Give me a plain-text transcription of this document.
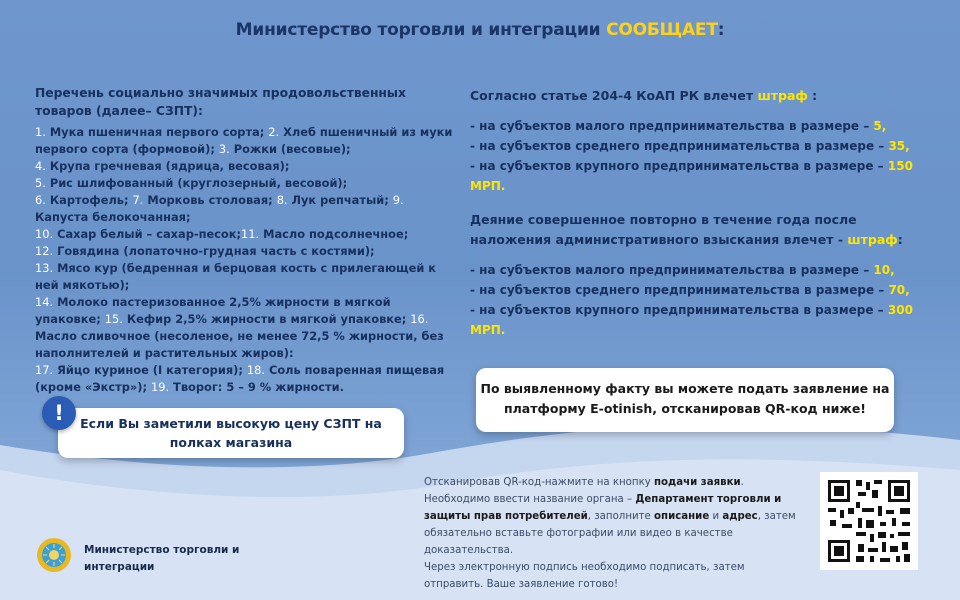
Министерство торговли и интеграции СООБЩАЕТ:
Перечень социально значимых продовольственных товаров (далее– СЗПТ):
1. Мука пшеничная первого сорта; 2. Хлеб пшеничный из муки первого сорта (формовой); 3. Рожки (весовые);
4. Крупа гречневая (ядрица, весовая);
5. Рис шлифованный (круглозерный, весовой);
6. Картофель; 7. Морковь столовая; 8. Лук репчатый; 9. Капуста белокочанная;
10. Сахар белый – сахар-песок;11. Масло подсолнечное;
12. Говядина (лопаточно-грудная часть с костями);
13. Мясо кур (бедренная и берцовая кость с прилегающей к ней мякотью);
14. Молоко пастеризованное 2,5% жирности в мягкой упаковке; 15. Кефир 2,5% жирности в мягкой упаковке; 16. Масло сливочное (несоленое, не менее 72,5 % жирности, без наполнителей и растительных жиров):
17. Яйцо куриное (I категория); 18. Соль поваренная пищевая (кроме «Экстр»); 19. Творог: 5 – 9 % жирности.

Согласно статье 204-4 КоАП РК влечет штраф :
- на субъектов малого предпринимательства в размере – 5,
- на субъектов среднего предпринимательства в размере – 35,
- на субъектов крупного предпринимательства в размере – 150 МРП.
Деяние совершенное повторно в течение года после наложения административного взыскания влечет - штраф:
- на субъектов малого предпринимательства в размере – 10,
- на субъектов среднего предпринимательства в размере – 70,
- на субъектов крупного предпринимательства в размере – 300 МРП.
Если Вы заметили высокую цену СЗПТ на полках магазина
!
По выявленному факту вы можете подать заявление на платформу E-otinish, отсканировав QR-код ниже!
Отсканировав QR-код-нажмите на кнопку подачи заявки. Необходимо ввести название органа – Департамент торговли и защиты прав потребителей, заполните описание и адрес, затем обязательно вставьте фотографии или видео в качестве доказательства.
Через электронную подпись необходимо подписать, затем отправить. Ваше заявление готово!
Министерство торговли и интеграции
